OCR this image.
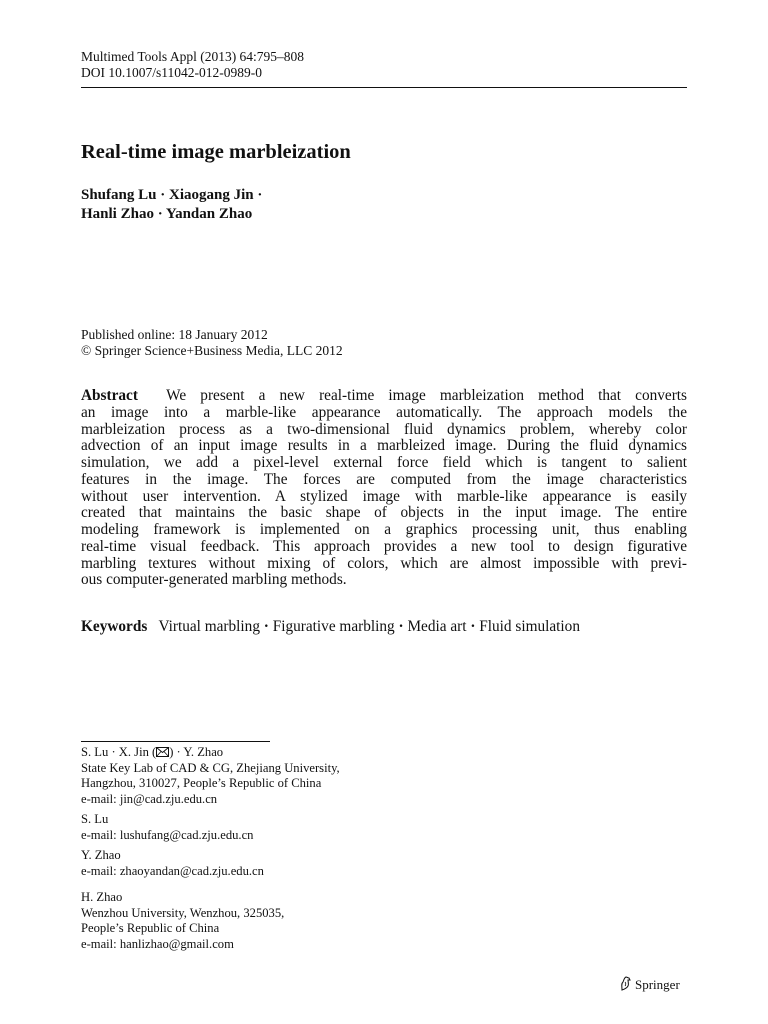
Multimed Tools Appl (2013) 64:795–808
DOI 10.1007/s11042-012-0989-0
Real-time image marbleization
Shufang Lu · Xiaogang Jin ·
Hanli Zhao · Yandan Zhao
Published online: 18 January 2012
© Springer Science+Business Media, LLC 2012
Abstract We present a new real-time image marbleization method that converts
an image into a marble-like appearance automatically. The approach models the
marbleization process as a two-dimensional fluid dynamics problem, whereby color
advection of an input image results in a marbleized image. During the fluid dynamics
simulation, we add a pixel-level external force field which is tangent to salient
features in the image. The forces are computed from the image characteristics
without user intervention. A stylized image with marble-like appearance is easily
created that maintains the basic shape of objects in the input image. The entire
modeling framework is implemented on a graphics processing unit, thus enabling
real-time visual feedback. This approach provides a new tool to design figurative
marbling textures without mixing of colors, which are almost impossible with previ-
ous computer-generated marbling methods.
Keywords Virtual marbling · Figurative marbling · Media art · Fluid simulation

S. Lu · X. Jin ( ) · Y. Zhao

State Key Lab of CAD & CG, Zhejiang University,

Hangzhou, 310027, People’s Republic of China

e-mail: jin@cad.zju.edu.cn

S. Lu

e-mail: lushufang@cad.zju.edu.cn

Y. Zhao

e-mail: zhaoyandan@cad.zju.edu.cn

H. Zhao

Wenzhou University, Wenzhou, 325035,

People’s Republic of China

e-mail: hanlizhao@gmail.com

Springer
